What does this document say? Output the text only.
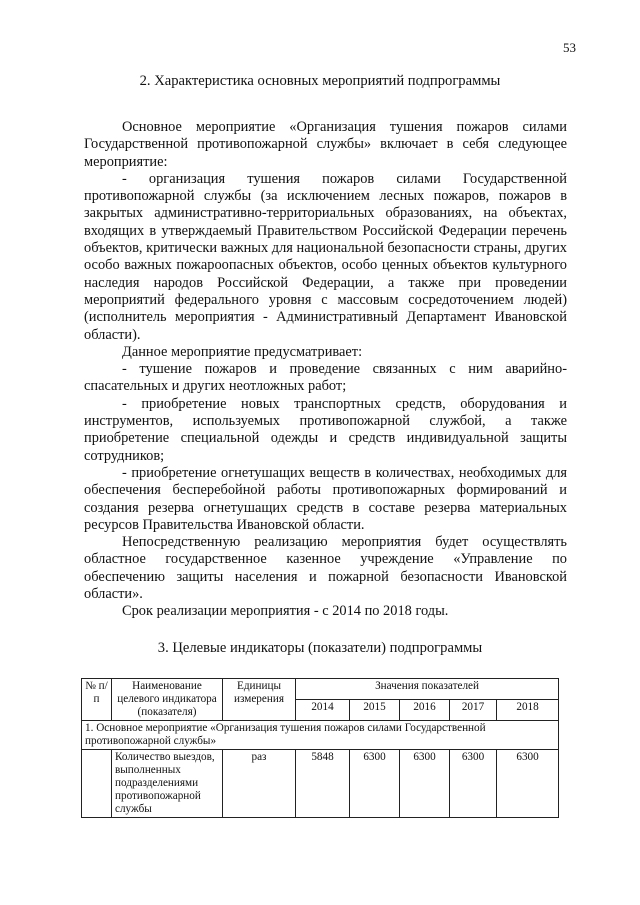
53
2. Характеристика основных мероприятий подпрограммы

Основное мероприятие «Организация тушения пожаров силами Государственной противопожарной службы» включает в себя следующее мероприятие:

- организация тушения пожаров силами Государственной противопожарной службы (за исключением лесных пожаров, пожаров в закрытых административно-территориальных образованиях, на объектах, входящих в утверждаемый Правительством Российской Федерации перечень объектов, критически важных для национальной безопасности страны, других особо важных пожароопасных объектов, особо ценных объектов культурного наследия народов Российской Федерации, а также при проведении мероприятий федерального уровня с массовым сосредоточением людей) (исполнитель мероприятия - Административный Департамент Ивановской области).

Данное мероприятие предусматривает:

- тушение пожаров и проведение связанных с ним аварийно-спасательных и других неотложных работ;

- приобретение новых транспортных средств, оборудования и инструментов, используемых противопожарной службой, а также приобретение специальной одежды и средств индивидуальной защиты сотрудников;

- приобретение огнетушащих веществ в количествах, необходимых для обеспечения бесперебойной работы противопожарных формирований и создания резерва огнетушащих средств в составе резерва материальных ресурсов Правительства Ивановской области.

Непосредственную реализацию мероприятия будет осуществлять областное государственное казенное учреждение «Управление по обеспечению защиты населения и пожарной безопасности Ивановской области».

Срок реализации мероприятия - с 2014 по 2018 годы.

3. Целевые индикаторы (показатели) подпрограммы
№ п/п	Наименование целевого индикатора (показателя)	Единицы измерения	Значения показателей				
			2014	2015	2016	2017	2018
1. Основное мероприятие «Организация тушения пожаров силами Государственной противопожарной службы»							
	Количество выездов, выполненных подразделениями противопожарной службы	раз	5848	6300	6300	6300	6300
